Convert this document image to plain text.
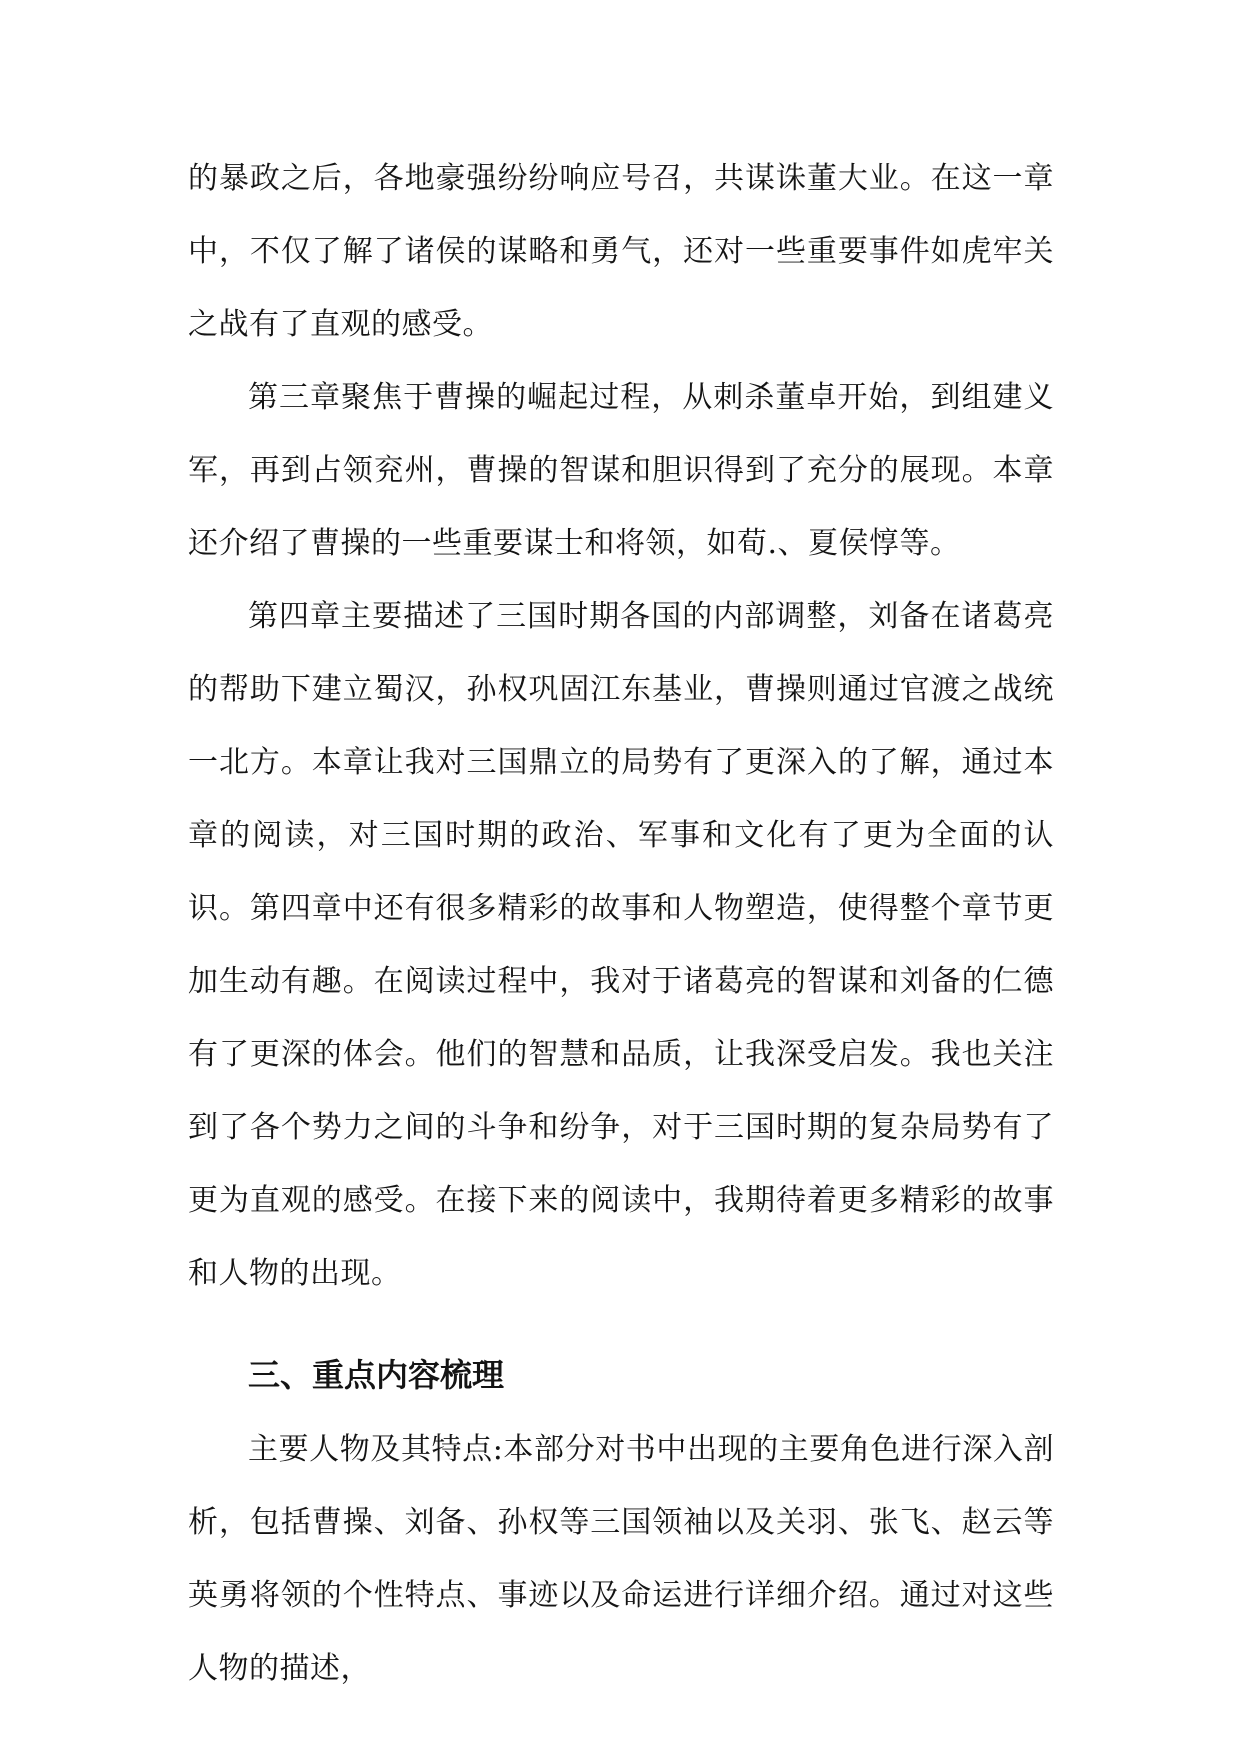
的暴政之后，各地豪强纷纷响应号召，共谋诛董大业。在这一章中，不仅了解了诸侯的谋略和勇气，还对一些重要事件如虎牢关之战有了直观的感受。

第三章聚焦于曹操的崛起过程，从刺杀董卓开始，到组建义军，再到占领兖州，曹操的智谋和胆识得到了充分的展现。本章还介绍了曹操的一些重要谋士和将领，如荀.、夏侯惇等。

第四章主要描述了三国时期各国的内部调整，刘备在诸葛亮的帮助下建立蜀汉，孙权巩固江东基业，曹操则通过官渡之战统一北方。本章让我对三国鼎立的局势有了更深入的了解，通过本章的阅读，对三国时期的政治、军事和文化有了更为全面的认识。第四章中还有很多精彩的故事和人物塑造，使得整个章节更加生动有趣。在阅读过程中，我对于诸葛亮的智谋和刘备的仁德有了更深的体会。他们的智慧和品质，让我深受启发。我也关注到了各个势力之间的斗争和纷争，对于三国时期的复杂局势有了更为直观的感受。在接下来的阅读中，我期待着更多精彩的故事和人物的出现。

三、重点内容梳理

主要人物及其特点:本部分对书中出现的主要角色进行深入剖析，包括曹操、刘备、孙权等三国领袖以及关羽、张飞、赵云等英勇将领的个性特点、事迹以及命运进行详细介绍。通过对这些人物的描述，
